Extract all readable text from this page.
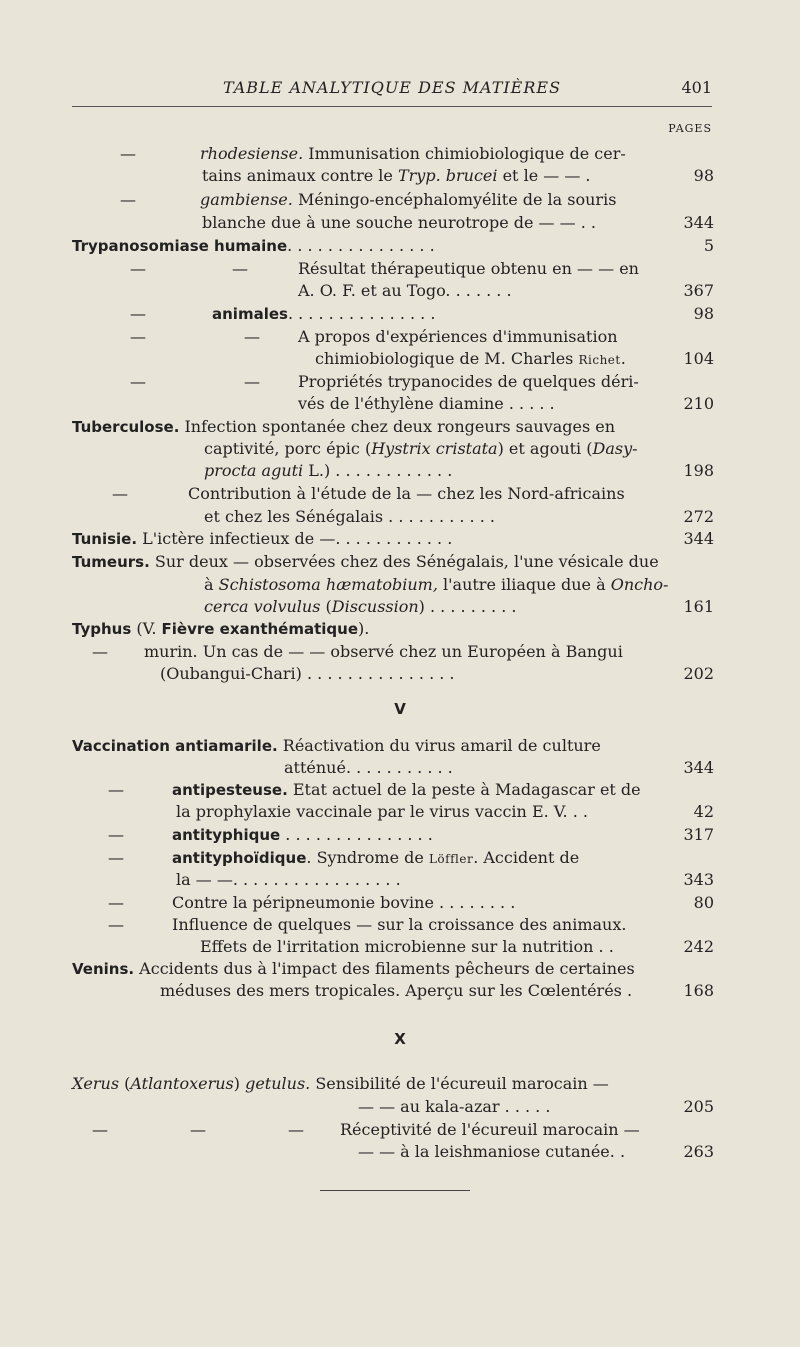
TABLE ANALYTIQUE DES MATIÈRES	401
PAGES
—	rhodesiense. Immunisation chimiobiologique de cer-
tains animaux contre le Tryp. brucei et le — — .	98
—	gambiense. Méningo-encéphalomyélite de la souris
blanche due à une souche neurotrope de — — . .	344
Trypanosomiase humaine. . . . . . . . . . . . . . .	5
—	—	Résultat thérapeutique obtenu en — — en
A. O. F. et au Togo. . . . . . .	367
—	animales. . . . . . . . . . . . . . .	98
—	— A propos d'expériences d'immunisation
chimiobiologique de M. Charles Richet.	104
—	— Propriétés trypanocides de quelques déri-
vés de l'éthylène diamine . . . . .	210
Tuberculose. Infection spontanée chez deux rongeurs sauvages en
captivité, porc épic (Hystrix cristata) et agouti (Dasy-
procta aguti L.) . . . . . . . . . . . .	198
—	Contribution à l'étude de la — chez les Nord-africains
et chez les Sénégalais . . . . . . . . . . .	272
Tunisie. L'ictère infectieux de —. . . . . . . . . . . .	344
Tumeurs. Sur deux — observées chez des Sénégalais, l'une vésicale due
à Schistosoma hæmatobium, l'autre iliaque due à Oncho-
cerca volvulus (Discussion) . . . . . . . . .	161
Typhus (V. Fièvre exanthématique).
— murin. Un cas de — — observé chez un Européen à Bangui
(Oubangui-Chari) . . . . . . . . . . . . . . .	202
V
Vaccination antiamarile. Réactivation du virus amaril de culture
atténué. . . . . . . . . . .	344
—	antipesteuse. Etat actuel de la peste à Madagascar et de
la prophylaxie vaccinale par le virus vaccin E. V. . .	42
—	antityphique . . . . . . . . . . . . . . .	317
—	antityphoïdique. Syndrome de Löffler. Accident de
la — —. . . . . . . . . . . . . . . . .	343
—	Contre la péripneumonie bovine . . . . . . . .	80
—	Influence de quelques — sur la croissance des animaux.
Effets de l'irritation microbienne sur la nutrition . .	242
Venins. Accidents dus à l'impact des filaments pêcheurs de certaines
méduses des mers tropicales. Aperçu sur les Cœlentérés .	168
X
Xerus (Atlantoxerus) getulus. Sensibilité de l'écureuil marocain —
— — au kala-azar . . . . .	205
—	—	— Réceptivité de l'écureuil marocain —
— — à la leishmaniose cutanée. .	263
